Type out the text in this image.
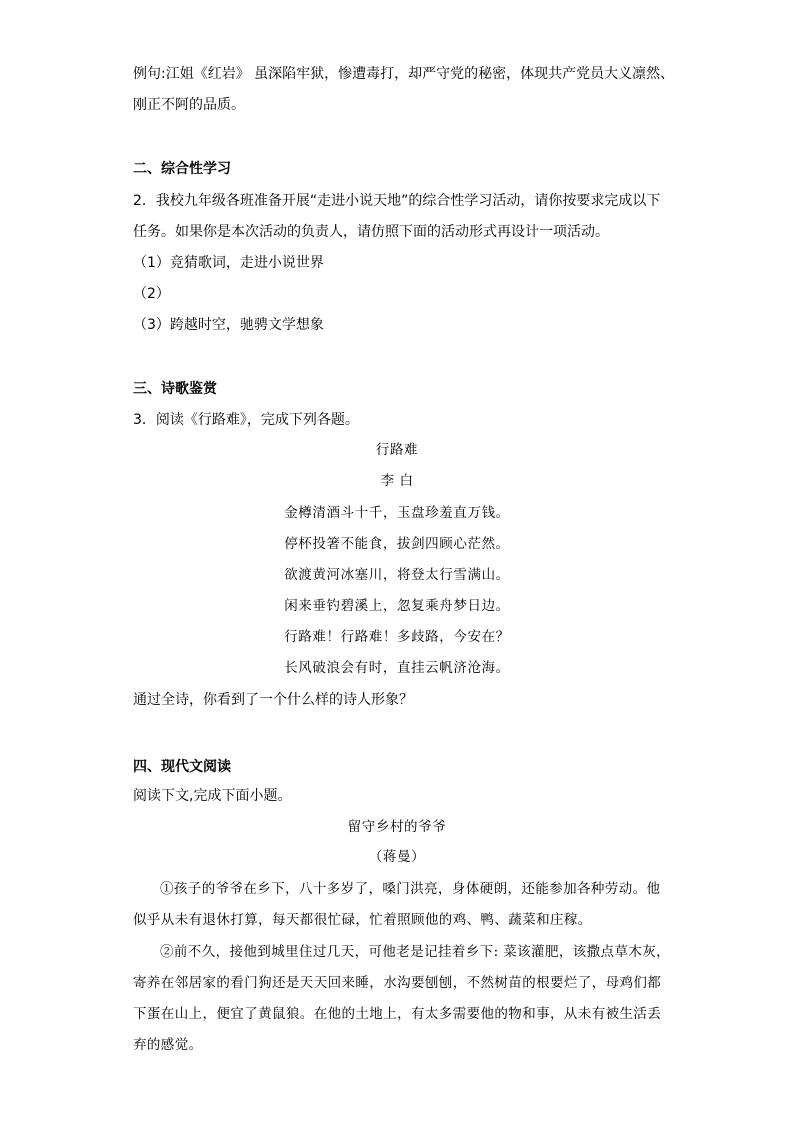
例句:江姐《红岩》 虽深陷牢狱，惨遭毒打，却严守党的秘密，体现共产党员大义凛然、
刚正不阿的品质。
二、综合性学习
2．我校九年级各班准备开展“走进小说天地”的综合性学习活动，请你按要求完成以下
任务。如果你是本次活动的负责人，请仿照下面的活动形式再设计一项活动。
（1）竞猜歌词，走进小说世界
（2）
（3）跨越时空，驰骋文学想象
三、诗歌鉴赏
3．阅读《行路难》，完成下列各题。
行路难
李 白
金樽清酒斗十千，玉盘珍羞直万钱。
停杯投箸不能食，拔剑四顾心茫然。
欲渡黄河冰塞川，将登太行雪满山。
闲来垂钓碧溪上，忽复乘舟梦日边。
行路难！行路难！多歧路，今安在？
长风破浪会有时，直挂云帆济沧海。
通过全诗，你看到了一个什么样的诗人形象？
四、现代文阅读
阅读下文,完成下面小题。
留守乡村的爷爷
（蒋曼）
①孩子的爷爷在乡下，八十多岁了，嗓门洪亮，身体硬朗，还能参加各种劳动。他
似乎从未有退休打算，每天都很忙碌，忙着照顾他的鸡、鸭、蔬菜和庄稼。
②前不久，接他到城里住过几天，可他老是记挂着乡下: 菜该灌肥，该撒点草木灰，
寄养在邻居家的看门狗还是天天回来睡，水沟要刨刨，不然树苗的根要烂了，母鸡们都
下蛋在山上，便宜了黄鼠狼。在他的土地上，有太多需要他的物和事，从未有被生活丢
弃的感觉。
